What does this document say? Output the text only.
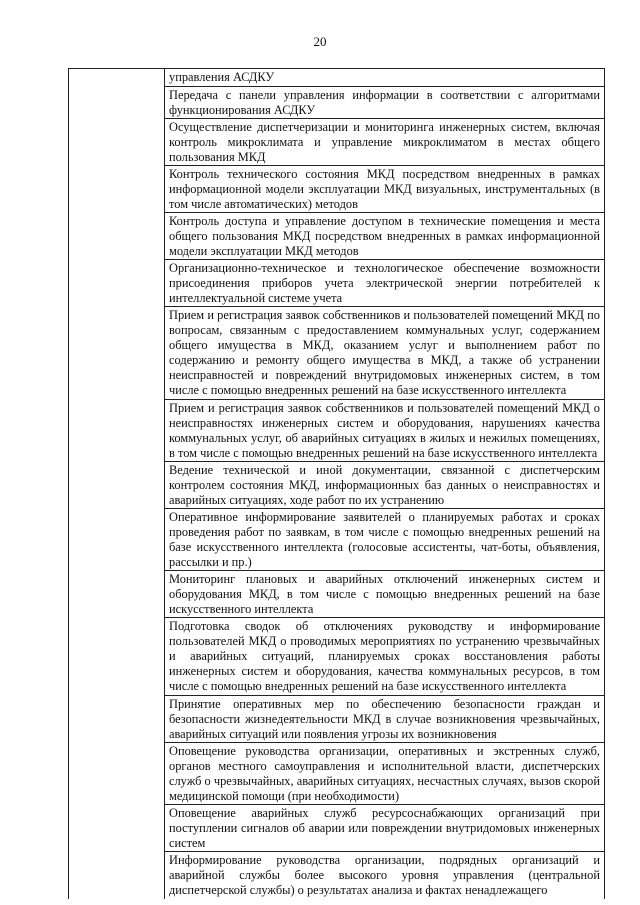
20

управления АСДКУ

Передача с панели управления информации в соответствии с алгоритмами функционирования АСДКУ

Осуществление диспетчеризации и мониторинга инженерных систем, включая контроль микроклимата и управление микроклиматом в местах общего пользования МКД

Контроль технического состояния МКД посредством внедренных в рамках информационной модели эксплуатации МКД визуальных, инструментальных (в том числе автоматических) методов

Контроль доступа и управление доступом в технические помещения и места общего пользования МКД посредством внедренных в рамках информационной модели эксплуатации МКД методов

Организационно-техническое и технологическое обеспечение возможности присоединения приборов учета электрической энергии потребителей к интеллектуальной системе учета

Прием и регистрация заявок собственников и пользователей помещений МКД по вопросам, связанным с предоставлением коммунальных услуг, содержанием общего имущества в МКД, оказанием услуг и выполнением работ по содержанию и ремонту общего имущества в МКД, а также об устранении неисправностей и повреждений внутридомовых инженерных систем, в том числе с помощью внедренных решений на базе искусственного интеллекта

Прием и регистрация заявок собственников и пользователей помещений МКД о неисправностях инженерных систем и оборудования, нарушениях качества коммунальных услуг, об аварийных ситуациях в жилых и нежилых помещениях, в том числе с помощью внедренных решений на базе искусственного интеллекта

Ведение технической и иной документации, связанной с диспетчерским контролем состояния МКД, информационных баз данных о неисправностях и аварийных ситуациях, ходе работ по их устранению

Оперативное информирование заявителей о планируемых работах и сроках проведения работ по заявкам, в том числе с помощью внедренных решений на базе искусственного интеллекта (голосовые ассистенты, чат-боты, объявления, рассылки и пр.)

Мониторинг плановых и аварийных отключений инженерных систем и оборудования МКД, в том числе с помощью внедренных решений на базе искусственного интеллекта

Подготовка сводок об отключениях руководству и информирование пользователей МКД о проводимых мероприятиях по устранению чрезвычайных и аварийных ситуаций, планируемых сроках восстановления работы инженерных систем и оборудования, качества коммунальных ресурсов, в том числе с помощью внедренных решений на базе искусственного интеллекта

Принятие оперативных мер по обеспечению безопасности граждан и безопасности жизнедеятельности МКД в случае возникновения чрезвычайных, аварийных ситуаций или появления угрозы их возникновения

Оповещение руководства организации, оперативных и экстренных служб, органов местного самоуправления и исполнительной власти, диспетчерских служб о чрезвычайных, аварийных ситуациях, несчастных случаях, вызов скорой медицинской помощи (при необходимости)

Оповещение аварийных служб ресурсоснабжающих организаций при поступлении сигналов об аварии или повреждении внутридомовых инженерных систем

Информирование руководства организации, подрядных организаций и аварийной службы более высокого уровня управления (центральной диспетчерской службы) о результатах анализа и фактах ненадлежащего
